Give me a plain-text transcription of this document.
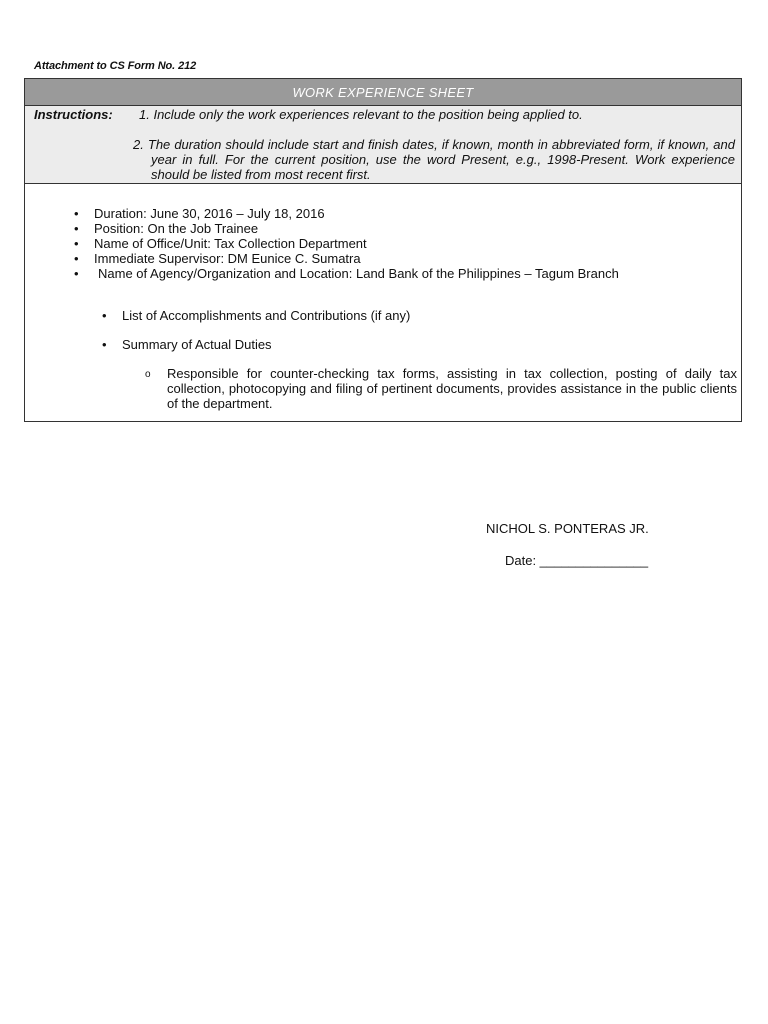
Attachment to CS Form No. 212
WORK EXPERIENCE SHEET
Instructions: 1. Include only the work experiences relevant to the position being applied to.
2. The duration should include start and finish dates, if known, month in abbreviated form, if known, and year in full. For the current position, use the word Present, e.g., 1998-Present. Work experience should be listed from most recent first.
• Duration: June 30, 2016 – July 18, 2016
• Position: On the Job Trainee
• Name of Office/Unit: Tax Collection Department
• Immediate Supervisor: DM Eunice C. Sumatra
• Name of Agency/Organization and Location: Land Bank of the Philippines – Tagum Branch
• List of Accomplishments and Contributions (if any)
• Summary of Actual Duties
o Responsible for counter-checking tax forms, assisting in tax collection, posting of daily tax collection, photocopying and filing of pertinent documents, provides assistance in the public clients of the department.
NICHOL S. PONTERAS JR.
Date: _______________
